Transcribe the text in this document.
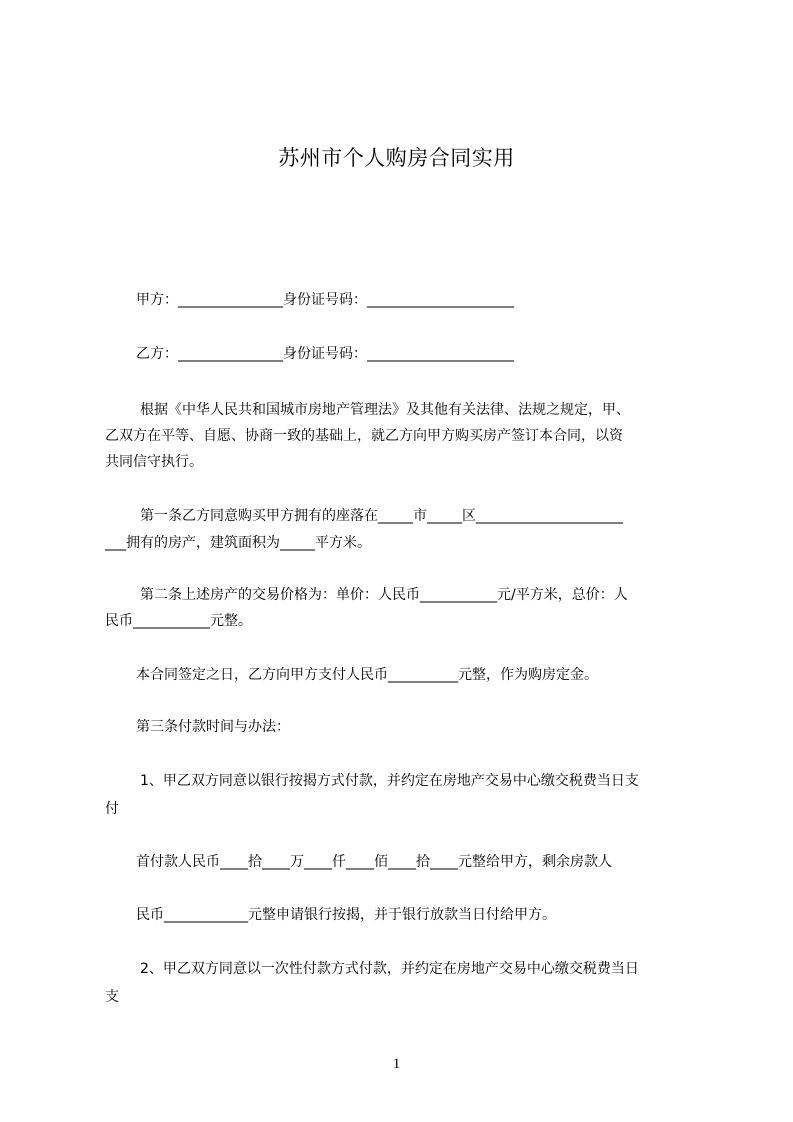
苏州市个人购房合同实用
甲方：_______________身份证号码：_____________________
乙方：_______________身份证号码：_____________________
根据《中华人民共和国城市房地产管理法》及其他有关法律、法规之规定，甲、
乙双方在平等、自愿、协商一致的基础上，就乙方向甲方购买房产签订本合同，以资
共同信守执行。
第一条乙方同意购买甲方拥有的座落在_____市_____区_____________________
___拥有的房产，建筑面积为_____平方米。
第二条上述房产的交易价格为：单价：人民币___________元/平方米，总价：人
民币___________元整。
本合同签定之日，乙方向甲方支付人民币__________元整，作为购房定金。
第三条付款时间与办法：
1、甲乙双方同意以银行按揭方式付款，并约定在房地产交易中心缴交税费当日支
付
首付款人民币____拾____万____仟____佰____拾____元整给甲方，剩余房款人
民币____________元整申请银行按揭，并于银行放款当日付给甲方。
2、甲乙双方同意以一次性付款方式付款，并约定在房地产交易中心缴交税费当日
支
1
